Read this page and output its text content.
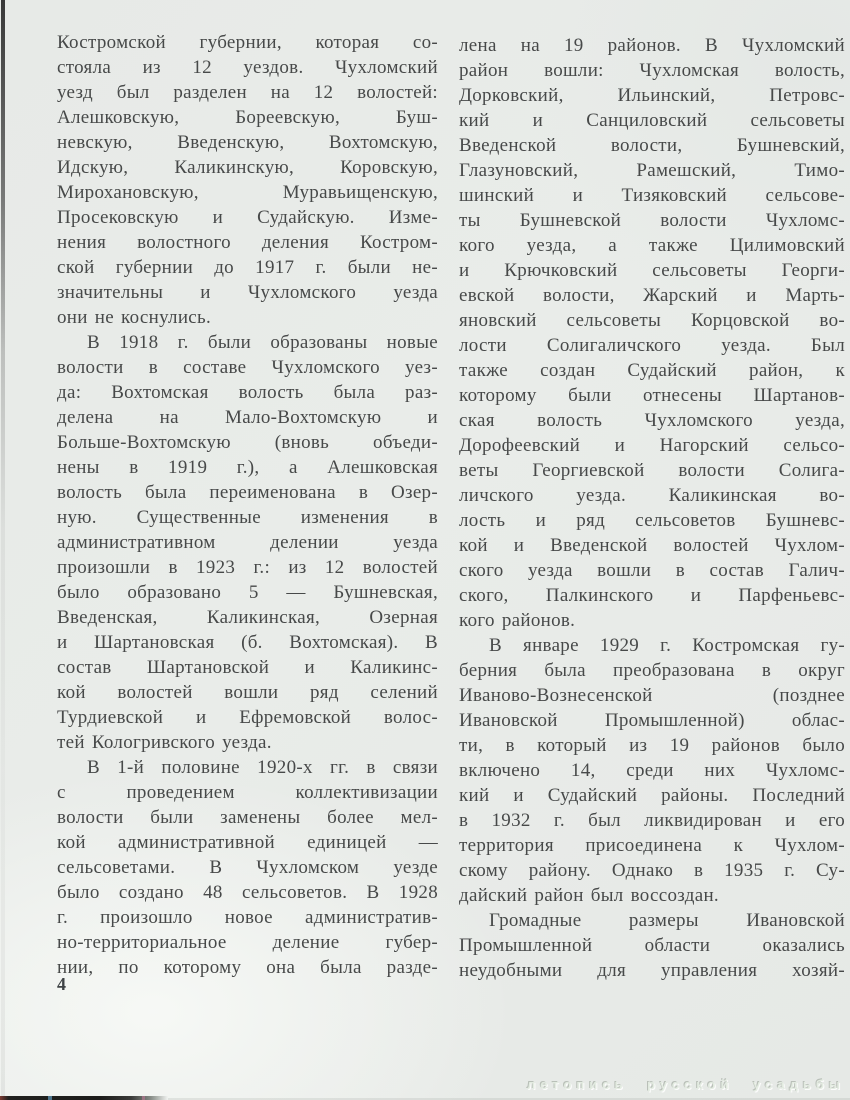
Костромской губернии, которая со-
стояла из 12 уездов. Чухломский
уезд был разделен на 12 волостей:
Алешковскую, Бореевскую, Буш-
невскую, Введенскую, Вохтомскую,
Идскую, Каликинскую, Коровскую,
Мирохановскую, Муравьищенскую,
Просековскую и Судайскую. Изме-
нения волостного деления Костром-
ской губернии до 1917 г. были не-
значительны и Чухломского уезда
они не коснулись.
В 1918 г. были образованы новые
волости в составе Чухломского уез-
да: Вохтомская волость была раз-
делена на Мало-Вохтомскую и
Больше-Вохтомскую (вновь объеди-
нены в 1919 г.), а Алешковская
волость была переименована в Озер-
ную. Существенные изменения в
административном делении уезда
произошли в 1923 г.: из 12 волостей
было образовано 5 — Бушневская,
Введенская, Каликинская, Озерная
и Шартановская (б. Вохтомская). В
состав Шартановской и Каликинс-
кой волостей вошли ряд селений
Турдиевской и Ефремовской волос-
тей Кологривского уезда.
В 1-й половине 1920-х гг. в связи
с проведением коллективизации
волости были заменены более мел-
кой административной единицей —
сельсоветами. В Чухломском уезде
было создано 48 сельсоветов. В 1928
г. произошло новое административ-
но-территориальное деление губер-
нии, по которому она была разде-
лена на 19 районов. В Чухломский
район вошли: Чухломская волость,
Дорковский, Ильинский, Петровс-
кий и Санциловский сельсоветы
Введенской волости, Бушневский,
Глазуновский, Рамешский, Тимо-
шинский и Тизяковский сельсове-
ты Бушневской волости Чухломс-
кого уезда, а также Цилимовский
и Крючковский сельсоветы Георги-
евской волости, Жарский и Марть-
яновский сельсоветы Корцовской во-
лости Солигаличского уезда. Был
также создан Судайский район, к
которому были отнесены Шартанов-
ская волость Чухломского уезда,
Дорофеевский и Нагорский сельсо-
веты Георгиевской волости Солига-
личского уезда. Каликинская во-
лость и ряд сельсоветов Бушневс-
кой и Введенской волостей Чухлом-
ского уезда вошли в состав Галич-
ского, Палкинского и Парфеньевс-
кого районов.
В январе 1929 г. Костромская гу-
берния была преобразована в округ
Иваново-Вознесенской (позднее
Ивановской Промышленной) облас-
ти, в который из 19 районов было
включено 14, среди них Чухломс-
кий и Судайский районы. Последний
в 1932 г. был ликвидирован и его
территория присоединена к Чухлом-
скому району. Однако в 1935 г. Су-
дайский район был воссоздан.
Громадные размеры Ивановской
Промышленной области оказались
неудобными для управления хозяй-
4
летопись русской усадьбы
